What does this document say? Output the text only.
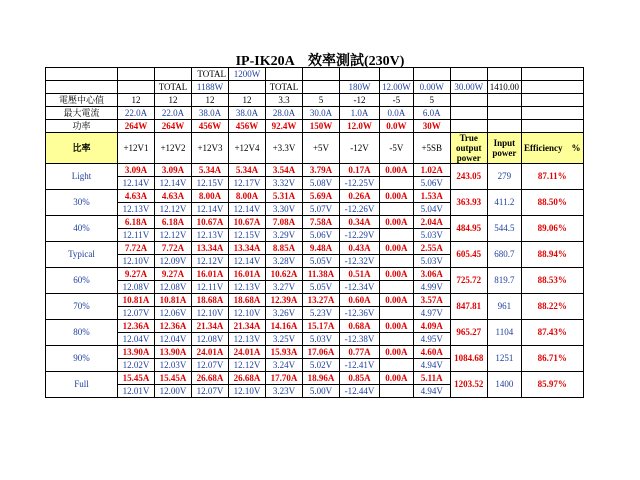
IP-IK20A　效率測試(230V)
			TOTAL	1200W								
		TOTAL	1188W		TOTAL		180W	12.00W	0.00W	30.00W	1410.00	
電壓中心值	12	12	12	12	3.3	5	-12	-5	5			
最大電流	22.0A	22.0A	38.0A	38.0A	28.0A	30.0A	1.0A	0.0A	6.0A			
功率	264W	264W	456W	456W	92.4W	150W	12.0W	0.0W	30W			
比率	+12V1	+12V2	+12V3	+12V4	+3.3V	+5V	-12V	-5V	+5SB	True output power	Input power	Efficiency　%
Light	3.09A	3.09A	5.34A	5.34A	3.54A	3.79A	0.17A	0.00A	1.02A	243.05	279	87.11%
	12.14V	12.14V	12.15V	12.17V	3.32V	5.08V	-12.25V		5.06V			
30%	4.63A	4.63A	8.00A	8.00A	5.31A	5.69A	0.26A	0.00A	1.53A	363.93	411.2	88.50%
	12.13V	12.12V	12.14V	12.14V	3.30V	5.07V	-12.26V		5.04V			
40%	6.18A	6.18A	10.67A	10.67A	7.08A	7.58A	0.34A	0.00A	2.04A	484.95	544.5	89.06%
	12.11V	12.12V	12.13V	12.15V	3.29V	5.06V	-12.29V		5.03V			
Typical	7.72A	7.72A	13.34A	13.34A	8.85A	9.48A	0.43A	0.00A	2.55A	605.45	680.7	88.94%
	12.10V	12.09V	12.12V	12.14V	3.28V	5.05V	-12.32V		5.03V			
60%	9.27A	9.27A	16.01A	16.01A	10.62A	11.38A	0.51A	0.00A	3.06A	725.72	819.7	88.53%
	12.08V	12.08V	12.11V	12.13V	3.27V	5.05V	-12.34V		4.99V			
70%	10.81A	10.81A	18.68A	18.68A	12.39A	13.27A	0.60A	0.00A	3.57A	847.81	961	88.22%
	12.07V	12.06V	12.10V	12.10V	3.26V	5.23V	-12.36V		4.97V			
80%	12.36A	12.36A	21.34A	21.34A	14.16A	15.17A	0.68A	0.00A	4.09A	965.27	1104	87.43%
	12.04V	12.04V	12.08V	12.13V	3.25V	5.03V	-12.38V		4.95V			
90%	13.90A	13.90A	24.01A	24.01A	15.93A	17.06A	0.77A	0.00A	4.60A	1084.68	1251	86.71%
	12.02V	12.03V	12.07V	12.12V	3.24V	5.02V	-12.41V		4.94V			
Full	15.45A	15.45A	26.68A	26.68A	17.70A	18.96A	0.85A	0.00A	5.11A	1203.52	1400	85.97%
	12.01V	12.00V	12.07V	12.10V	3.23V	5.00V	-12.44V		4.94V			
